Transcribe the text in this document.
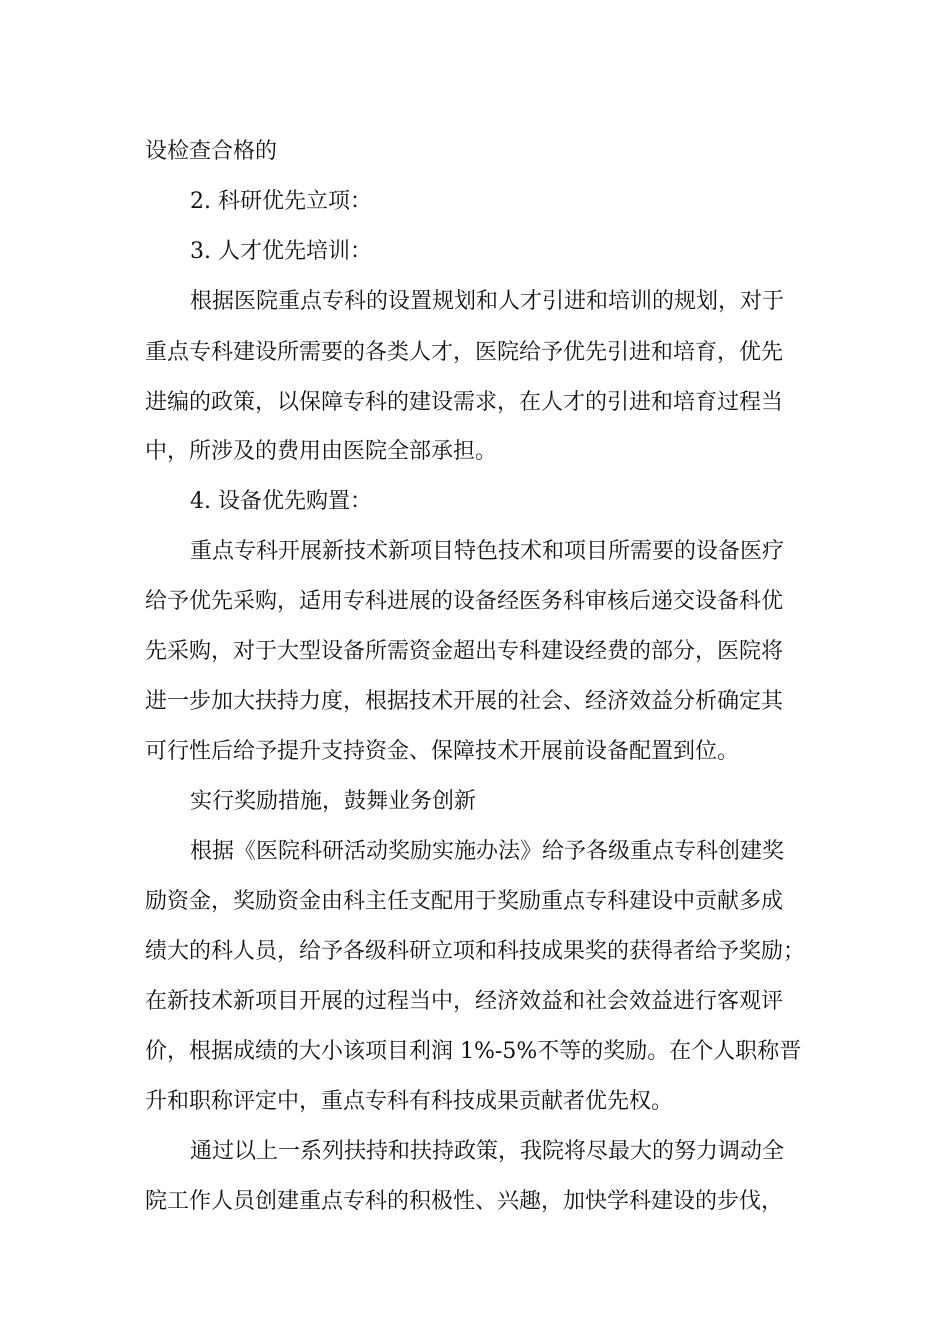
设检查合格的
2. 科研优先立项：
3. 人才优先培训：
根据医院重点专科的设置规划和人才引进和培训的规划，对于
重点专科建设所需要的各类人才，医院给予优先引进和培育，优先
进编的政策，以保障专科的建设需求，在人才的引进和培育过程当
中，所涉及的费用由医院全部承担。
4. 设备优先购置：
重点专科开展新技术新项目特色技术和项目所需要的设备医疗
给予优先采购，适用专科进展的设备经医务科审核后递交设备科优
先采购，对于大型设备所需资金超出专科建设经费的部分，医院将
进一步加大扶持力度，根据技术开展的社会、经济效益分析确定其
可行性后给予提升支持资金、保障技术开展前设备配置到位。
实行奖励措施，鼓舞业务创新
根据《医院科研活动奖励实施办法》给予各级重点专科创建奖
励资金，奖励资金由科主任支配用于奖励重点专科建设中贡献多成
绩大的科人员，给予各级科研立项和科技成果奖的获得者给予奖励；
在新技术新项目开展的过程当中，经济效益和社会效益进行客观评
价，根据成绩的大小该项目利润 1%-5%不等的奖励。在个人职称晋
升和职称评定中，重点专科有科技成果贡献者优先权。
通过以上一系列扶持和扶持政策，我院将尽最大的努力调动全
院工作人员创建重点专科的积极性、兴趣，加快学科建设的步伐，
